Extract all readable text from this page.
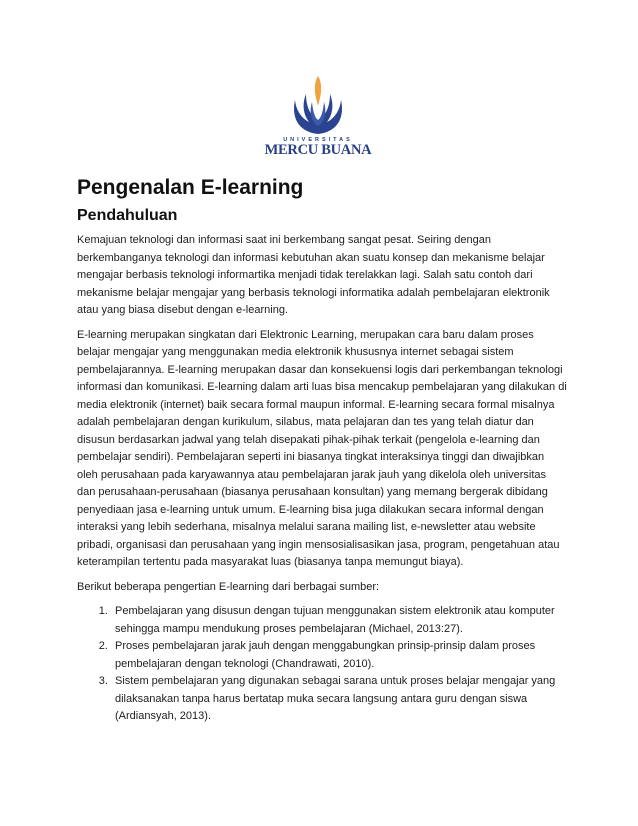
UNIVERSITAS
MERCU BUANA
Pengenalan E-learning
Pendahuluan

Kemajuan teknologi dan informasi saat ini berkembang sangat pesat. Seiring dengan berkembanganya teknologi dan informasi kebutuhan akan suatu konsep dan mekanisme belajar mengajar berbasis teknologi informartika menjadi tidak terelakkan lagi. Salah satu contoh dari mekanisme belajar mengajar yang berbasis teknologi informatika adalah pembelajaran elektronik atau yang biasa disebut dengan e-learning.

E-learning merupakan singkatan dari Elektronic Learning, merupakan cara baru dalam proses belajar mengajar yang menggunakan media elektronik khususnya internet sebagai sistem pembelajarannya. E-learning merupakan dasar dan konsekuensi logis dari perkembangan teknologi informasi dan komunikasi. E-learning dalam arti luas bisa mencakup pembelajaran yang dilakukan di media elektronik (internet) baik secara formal maupun informal. E-learning secara formal misalnya adalah pembelajaran dengan kurikulum, silabus, mata pelajaran dan tes yang telah diatur dan disusun berdasarkan jadwal yang telah disepakati pihak-pihak terkait (pengelola e-learning dan pembelajar sendiri). Pembelajaran seperti ini biasanya tingkat interaksinya tinggi dan diwajibkan oleh perusahaan pada karyawannya atau pembelajaran jarak jauh yang dikelola oleh universitas dan perusahaan-perusahaan (biasanya perusahaan konsultan) yang memang bergerak dibidang penyediaan jasa e-learning untuk umum. E-learning bisa juga dilakukan secara informal dengan interaksi yang lebih sederhana, misalnya melalui sarana mailing list, e-newsletter atau website pribadi, organisasi dan perusahaan yang ingin mensosialisasikan jasa, program, pengetahuan atau keterampilan tertentu pada masyarakat luas (biasanya tanpa memungut biaya).

Berikut beberapa pengertian E-learning dari berbagai sumber:

1. Pembelajaran yang disusun dengan tujuan menggunakan sistem elektronik atau komputer sehingga mampu mendukung proses pembelajaran (Michael, 2013:27).
2. Proses pembelajaran jarak jauh dengan menggabungkan prinsip-prinsip dalam proses pembelajaran dengan teknologi (Chandrawati, 2010).
3. Sistem pembelajaran yang digunakan sebagai sarana untuk proses belajar mengajar yang dilaksanakan tanpa harus bertatap muka secara langsung antara guru dengan siswa (Ardiansyah, 2013).
